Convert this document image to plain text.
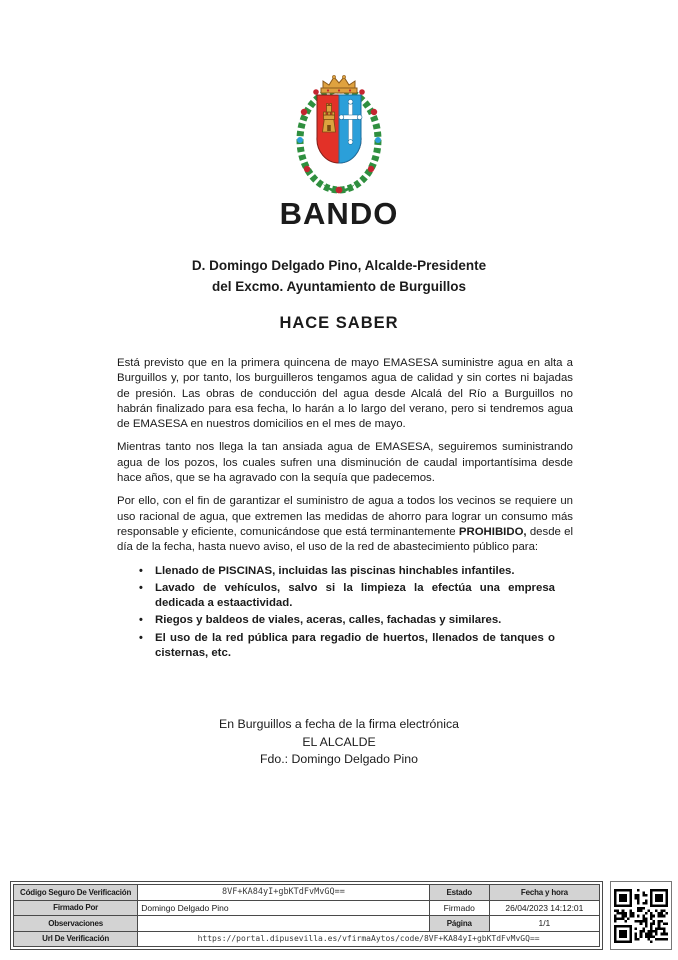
BANDO
D. Domingo Delgado Pino, Alcalde-Presidente
del Excmo. Ayuntamiento de Burguillos
HACE SABER

Está previsto que en la primera quincena de mayo EMASESA suministre agua en alta a Burguillos y, por tanto, los burguilleros tengamos agua de calidad y sin cortes ni bajadas de presión. Las obras de conducción del agua desde Alcalá del Río a Burguillos no habrán finalizado para esa fecha, lo harán a lo largo del verano, pero si tendremos agua de EMASESA en nuestros domicilios en el mes de mayo.

Mientras tanto nos llega la tan ansiada agua de EMASESA, seguiremos suministrando agua de los pozos, los cuales sufren una disminución de caudal importantísima desde hace años, que se ha agravado con la sequía que padecemos.

Por ello, con el fin de garantizar el suministro de agua a todos los vecinos se requiere un uso racional de agua, que extremen las medidas de ahorro para lograr un consumo más responsable y eficiente, comunicándose que está terminantemente PROHIBIDO, desde el día de la fecha, hasta nuevo aviso, el uso de la red de abastecimiento público para:

• Llenado de PISCINAS, incluidas las piscinas hinchables infantiles.
• Lavado de vehículos, salvo si la limpieza la efectúa una empresa dedicada a estaactividad.
• Riegos y baldeos de viales, aceras, calles, fachadas y similares.
• El uso de la red pública para regadio de huertos, llenados de tanques o cisternas, etc.
En Burguillos a fecha de la firma electrónica
EL ALCALDE
Fdo.: Domingo Delgado Pino
Código Seguro De Verificación	8VF+KA84yI+gbKTdFvMvGQ==	Estado	Fecha y hora
Firmado Por	Domingo Delgado Pino	Firmado	26/04/2023 14:12:01
Observaciones		Página	1/1
Url De Verificación	https://portal.dipusevilla.es/vfirmaAytos/code/8VF+KA84yI+gbKTdFvMvGQ==		
